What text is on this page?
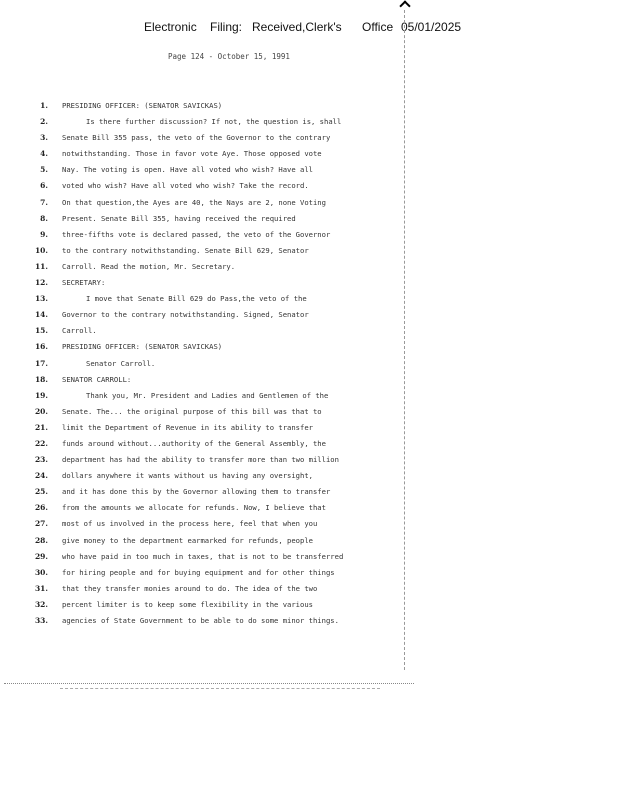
Electronic Filing: Received,Clerk's Office 05/01/2025
Page 124 - October 15, 1991
1.
2.
3.
4.
5.
6.
7.
8.
9.
10.
11.
12.
13.
14.
15.
16.
17.
18.
19.
20.
21.
22.
23.
24.
25.
26.
27.
28.
29.
30.
31.
32.
33.
PRESIDING OFFICER: (SENATOR SAVICKAS)
Is there further discussion? If not, the question is, shall
Senate Bill 355 pass, the veto of the Governor to the contrary
notwithstanding. Those in favor vote Aye. Those opposed vote
Nay. The voting is open. Have all voted who wish? Have all
voted who wish? Have all voted who wish? Take the record.
On that question,the Ayes are 40, the Nays are 2, none Voting
Present. Senate Bill 355, having received the required
three-fifths vote is declared passed, the veto of the Governor
to the contrary notwithstanding. Senate Bill 629, Senator
Carroll. Read the motion, Mr. Secretary.
SECRETARY:
I move that Senate Bill 629 do Pass,the veto of the
Governor to the contrary notwithstanding. Signed, Senator
Carroll.
PRESIDING OFFICER: (SENATOR SAVICKAS)
Senator Carroll.
SENATOR CARROLL:
Thank you, Mr. President and Ladies and Gentlemen of the
Senate. The... the original purpose of this bill was that to
limit the Department of Revenue in its ability to transfer
funds around without...authority of the General Assembly, the
department has had the ability to transfer more than two million
dollars anywhere it wants without us having any oversight,
and it has done this by the Governor allowing them to transfer
from the amounts we allocate for refunds. Now, I believe that
most of us involved in the process here, feel that when you
give money to the department earmarked for refunds, people
who have paid in too much in taxes, that is not to be transferred
for hiring people and for buying equipment and for other things
that they transfer monies around to do. The idea of the two
percent limiter is to keep some flexibility in the various
agencies of State Government to be able to do some minor things.
